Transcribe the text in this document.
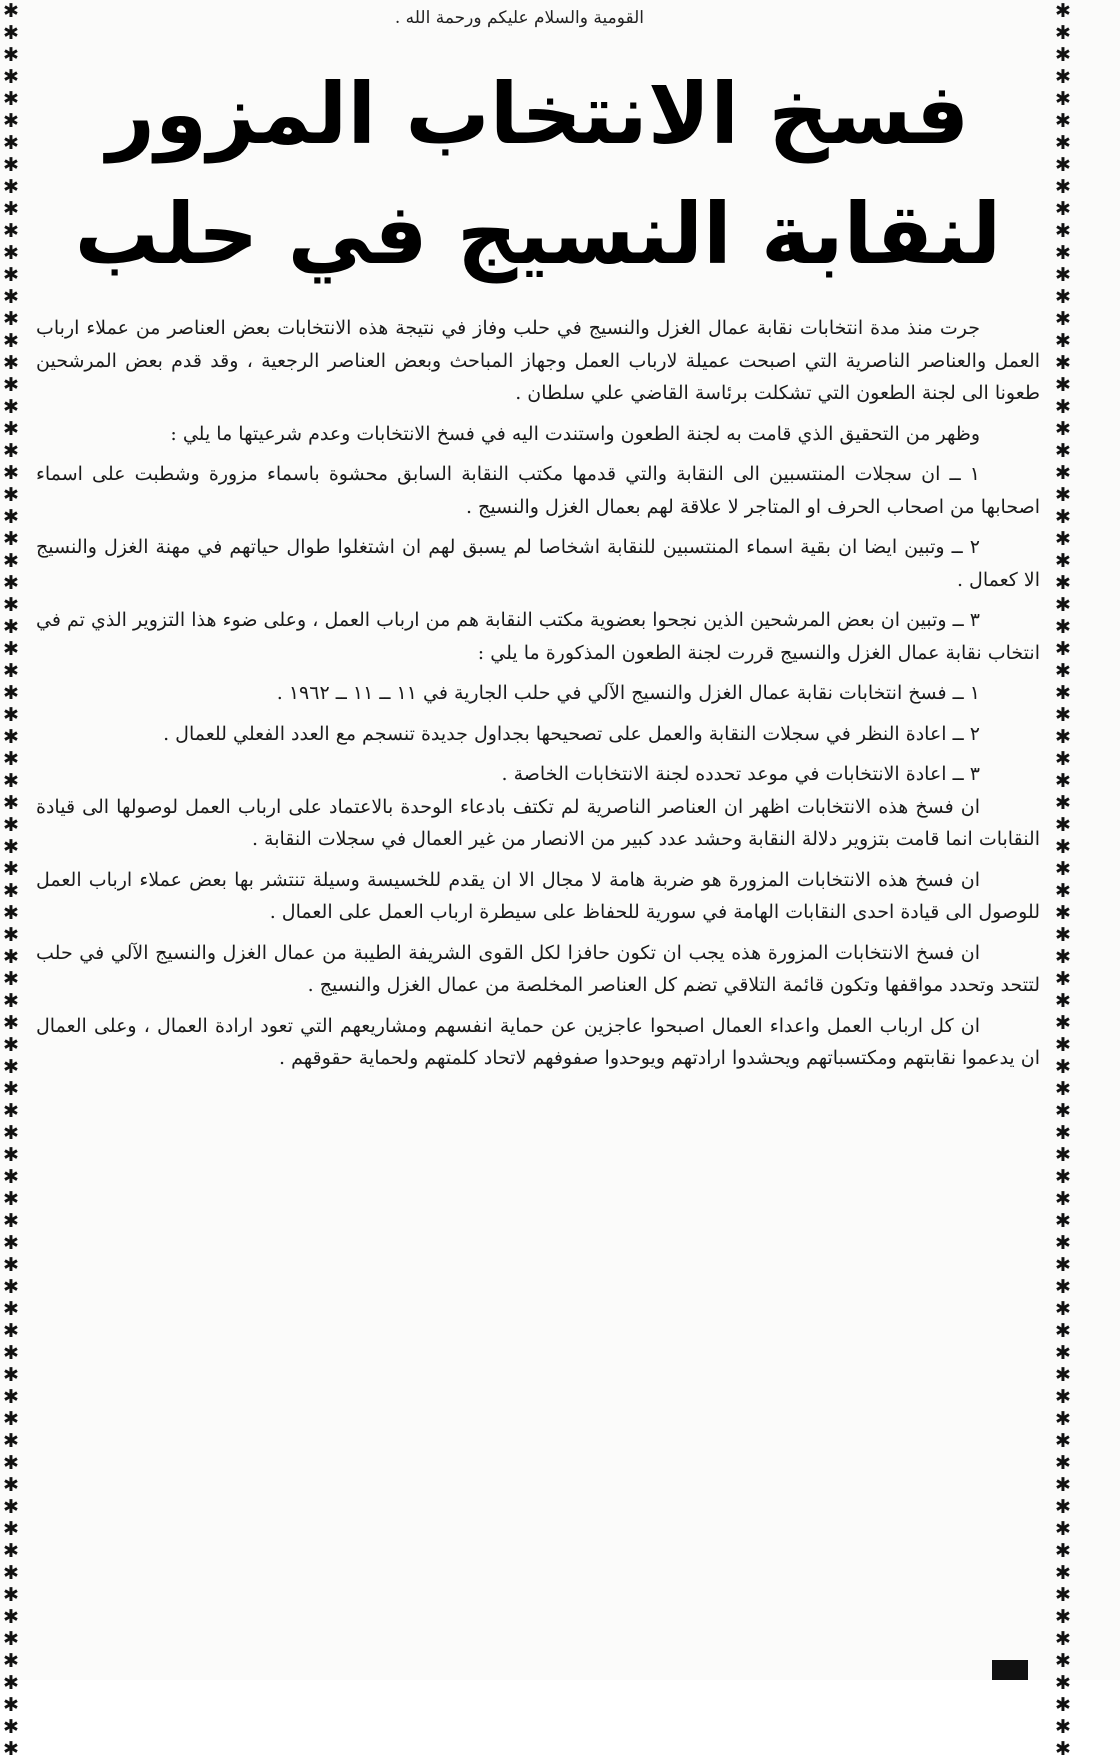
✱✱✱✱✱✱✱✱✱✱✱✱✱✱✱✱✱✱✱✱✱✱✱✱✱✱✱✱✱✱✱✱✱✱✱✱✱✱✱✱✱✱✱✱✱✱✱✱✱✱✱✱✱✱✱✱✱✱✱✱✱✱✱✱✱✱✱✱✱✱✱✱✱✱✱✱✱✱✱✱
✱✱✱✱✱✱✱✱✱✱✱✱✱✱✱✱✱✱✱✱✱✱✱✱✱✱✱✱✱✱✱✱✱✱✱✱✱✱✱✱✱✱✱✱✱✱✱✱✱✱✱✱✱✱✱✱✱✱✱✱✱✱✱✱✱✱✱✱✱✱✱✱✱✱✱✱✱✱✱✱
القومية والسلام عليكم ورحمة الله .
فسخ الانتخاب المزور
لنقابة النسيج في حلب

جرت منذ مدة انتخابات نقابة عمال الغزل والنسيج في حلب وفاز في نتيجة هذه الانتخابات بعض العناصر من عملاء ارباب العمل والعناصر الناصرية التي اصبحت عميلة لارباب العمل وجهاز المباحث وبعض العناصر الرجعية ، وقد قدم بعض المرشحين طعونا الى لجنة الطعون التي تشكلت برئاسة القاضي علي سلطان .

وظهر من التحقيق الذي قامت به لجنة الطعون واستندت اليه في فسخ الانتخابات وعدم شرعيتها ما يلي :

١ ــ ان سجلات المنتسبين الى النقابة والتي قدمها مكتب النقابة السابق محشوة باسماء مزورة وشطبت على اسماء اصحابها من اصحاب الحرف او المتاجر لا علاقة لهم بعمال الغزل والنسيج .

٢ ــ وتبين ايضا ان بقية اسماء المنتسبين للنقابة اشخاصا لم يسبق لهم ان اشتغلوا طوال حياتهم في مهنة الغزل والنسيج الا كعمال .

٣ ــ وتبين ان بعض المرشحين الذين نجحوا بعضوية مكتب النقابة هم من ارباب العمل ، وعلى ضوء هذا التزوير الذي تم في انتخاب نقابة عمال الغزل والنسيج قررت لجنة الطعون المذكورة ما يلي :

١ ــ فسخ انتخابات نقابة عمال الغزل والنسيج الآلي في حلب الجارية في ١١ ــ ١١ ــ ١٩٦٢ .

٢ ــ اعادة النظر في سجلات النقابة والعمل على تصحيحها بجداول جديدة تنسجم مع العدد الفعلي للعمال .

٣ ــ اعادة الانتخابات في موعد تحدده لجنة الانتخابات الخاصة .

ان فسخ هذه الانتخابات اظهر ان العناصر الناصرية لم تكتف بادعاء الوحدة بالاعتماد على ارباب العمل لوصولها الى قيادة النقابات انما قامت بتزوير دلالة النقابة وحشد عدد كبير من الانصار من غير العمال في سجلات النقابة .

ان فسخ هذه الانتخابات المزورة هو ضربة هامة لا مجال الا ان يقدم للخسيسة وسيلة تنتشر بها بعض عملاء ارباب العمل للوصول الى قيادة احدى النقابات الهامة في سورية للحفاظ على سيطرة ارباب العمل على العمال .

ان فسخ الانتخابات المزورة هذه يجب ان تكون حافزا لكل القوى الشريفة الطيبة من عمال الغزل والنسيج الآلي في حلب لتتحد وتحدد مواقفها وتكون قائمة التلاقي تضم كل العناصر المخلصة من عمال الغزل والنسيج .

ان كل ارباب العمل واعداء العمال اصبحوا عاجزين عن حماية انفسهم ومشاريعهم التي تعود ارادة العمال ، وعلى العمال ان يدعموا نقابتهم ومكتسباتهم ويحشدوا ارادتهم ويوحدوا صفوفهم لاتحاد كلمتهم ولحماية حقوقهم .
